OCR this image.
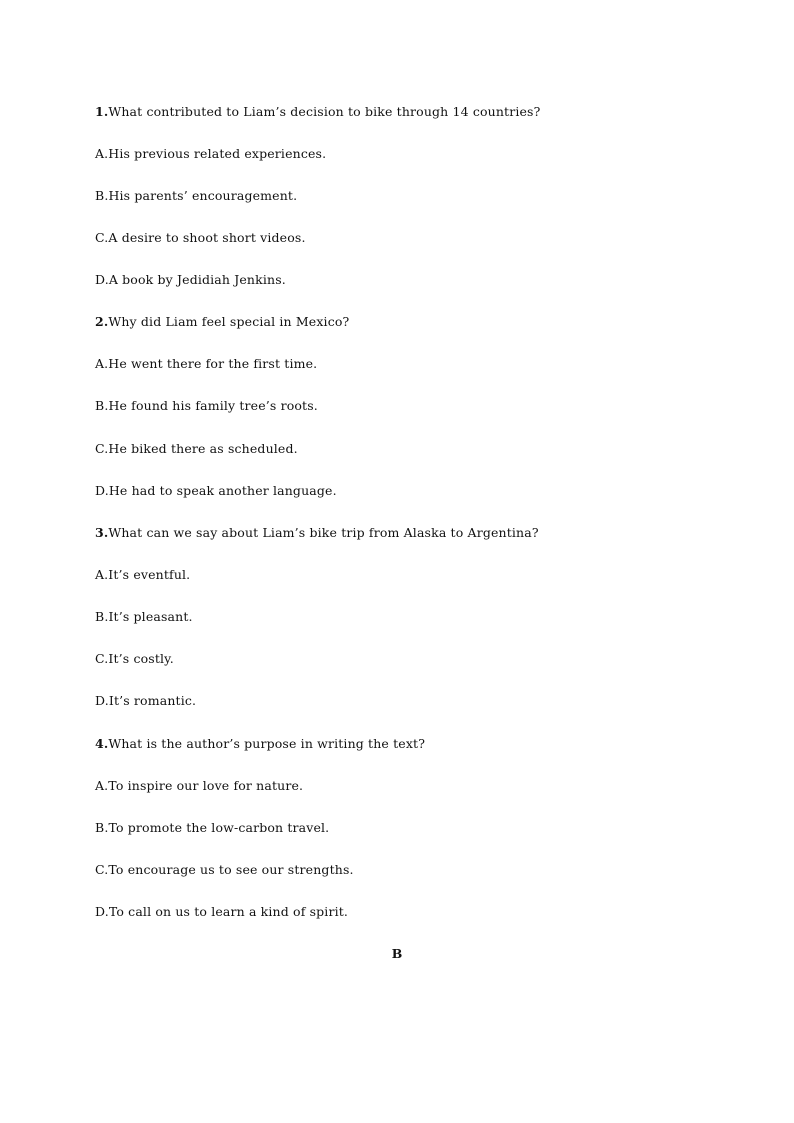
1.What contributed to Liam’s decision to bike through 14 countries?
A.His previous related experiences.
B.His parents’ encouragement.
C.A desire to shoot short videos.
D.A book by Jedidiah Jenkins.
2.Why did Liam feel special in Mexico?
A.He went there for the first time.
B.He found his family tree’s roots.
C.He biked there as scheduled.
D.He had to speak another language.
3.What can we say about Liam’s bike trip from Alaska to Argentina?
A.It’s eventful.
B.It’s pleasant.
C.It’s costly.
D.It’s romantic.
4.What is the author’s purpose in writing the text?
A.To inspire our love for nature.
B.To promote the low-carbon travel.
C.To encourage us to see our strengths.
D.To call on us to learn a kind of spirit.
B
